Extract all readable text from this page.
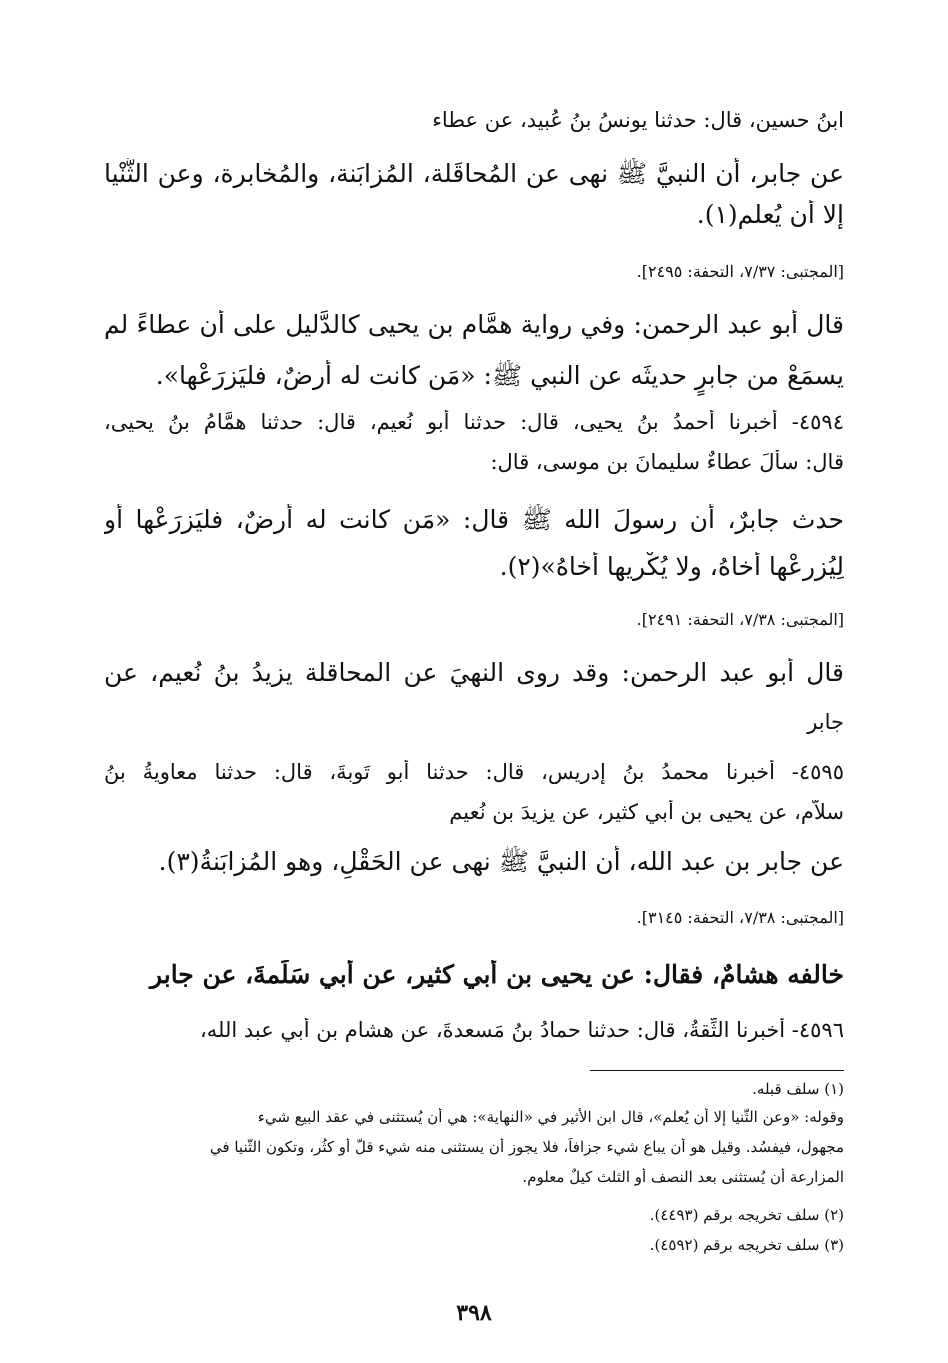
ابنُ حسين، قال: حدثنا يونسُ بنُ عُبيد، عن عطاء
عن جابر، أن النبيَّ ﷺ نهى عن المُحاقَلة، المُزابَنة، والمُخابرة، وعن الثُّنْيا
إلا أن يُعلم(١).
[المجتبى: ٧/٣٧، التحفة: ٢٤٩٥].
قال أبو عبد الرحمن: وفي رواية همَّام بن يحيى كالدَّليل على أن عطاءً لم
يسمَعْ من جابرٍ حديثَه عن النبي ﷺ: «مَن كانت له أرضٌ، فليَزرَعْها».
٤٥٩٤- أخبرنا أحمدُ بنُ يحيى، قال: حدثنا أبو نُعيم، قال: حدثنا همَّامُ بنُ يحيى،
قال: سألَ عطاءٌ سليمانَ بن موسى، قال:
حدث جابرٌ، أن رسولَ الله ﷺ قال: «مَن كانت له أرضٌ، فليَزرَعْها أو
لِيُزرِعْها أخاهُ، ولا يُكْرِيها أخاهُ»(٢).
[المجتبى: ٧/٣٨، التحفة: ٢٤٩١].
قال أبو عبد الرحمن: وقد روى النهيَ عن المحاقلة يزيدُ بنُ نُعيم، عن
جابر
٤٥٩٥- أخبرنا محمدُ بنُ إدريس، قال: حدثنا أبو تَوبةَ، قال: حدثنا معاويةُ بنُ
سلاَّم، عن يحيى بن أبي كثير، عن يزيدَ بن نُعيم
عن جابر بن عبد الله، أن النبيَّ ﷺ نهى عن الحَقْلِ، وهو المُزابَنةُ(٣).
[المجتبى: ٧/٣٨، التحفة: ٣١٤٥].
خالفه هشامٌ، فقال: عن يحيى بن أبي كثير، عن أبي سَلَمةَ، عن جابر
٤٥٩٦- أخبرنا الثِّقةُ، قال: حدثنا حمادُ بنُ مَسعدةَ، عن هشام بن أبي عبد الله،
(١) سلف قبله.
وقوله: «وعن الثُّنيا إلا أن يُعلم»، قال ابن الأثير في «النهاية»: هي أن يُستثنى في عقد البيع شيء
مجهول، فيفسُد. وقيل هو أن يباع شيء جزافاً، فلا يجوز أن يستثنى منه شيء قلَّ أو كثُر، وتكون الثُّنيا في
المزارعة أن يُستثنى بعد النصف أو الثلث كيلٌ معلوم.
(٢) سلف تخريجه برقم (٤٤٩٣).
(٣) سلف تخريجه برقم (٤٥٩٢).
٣٩٨
